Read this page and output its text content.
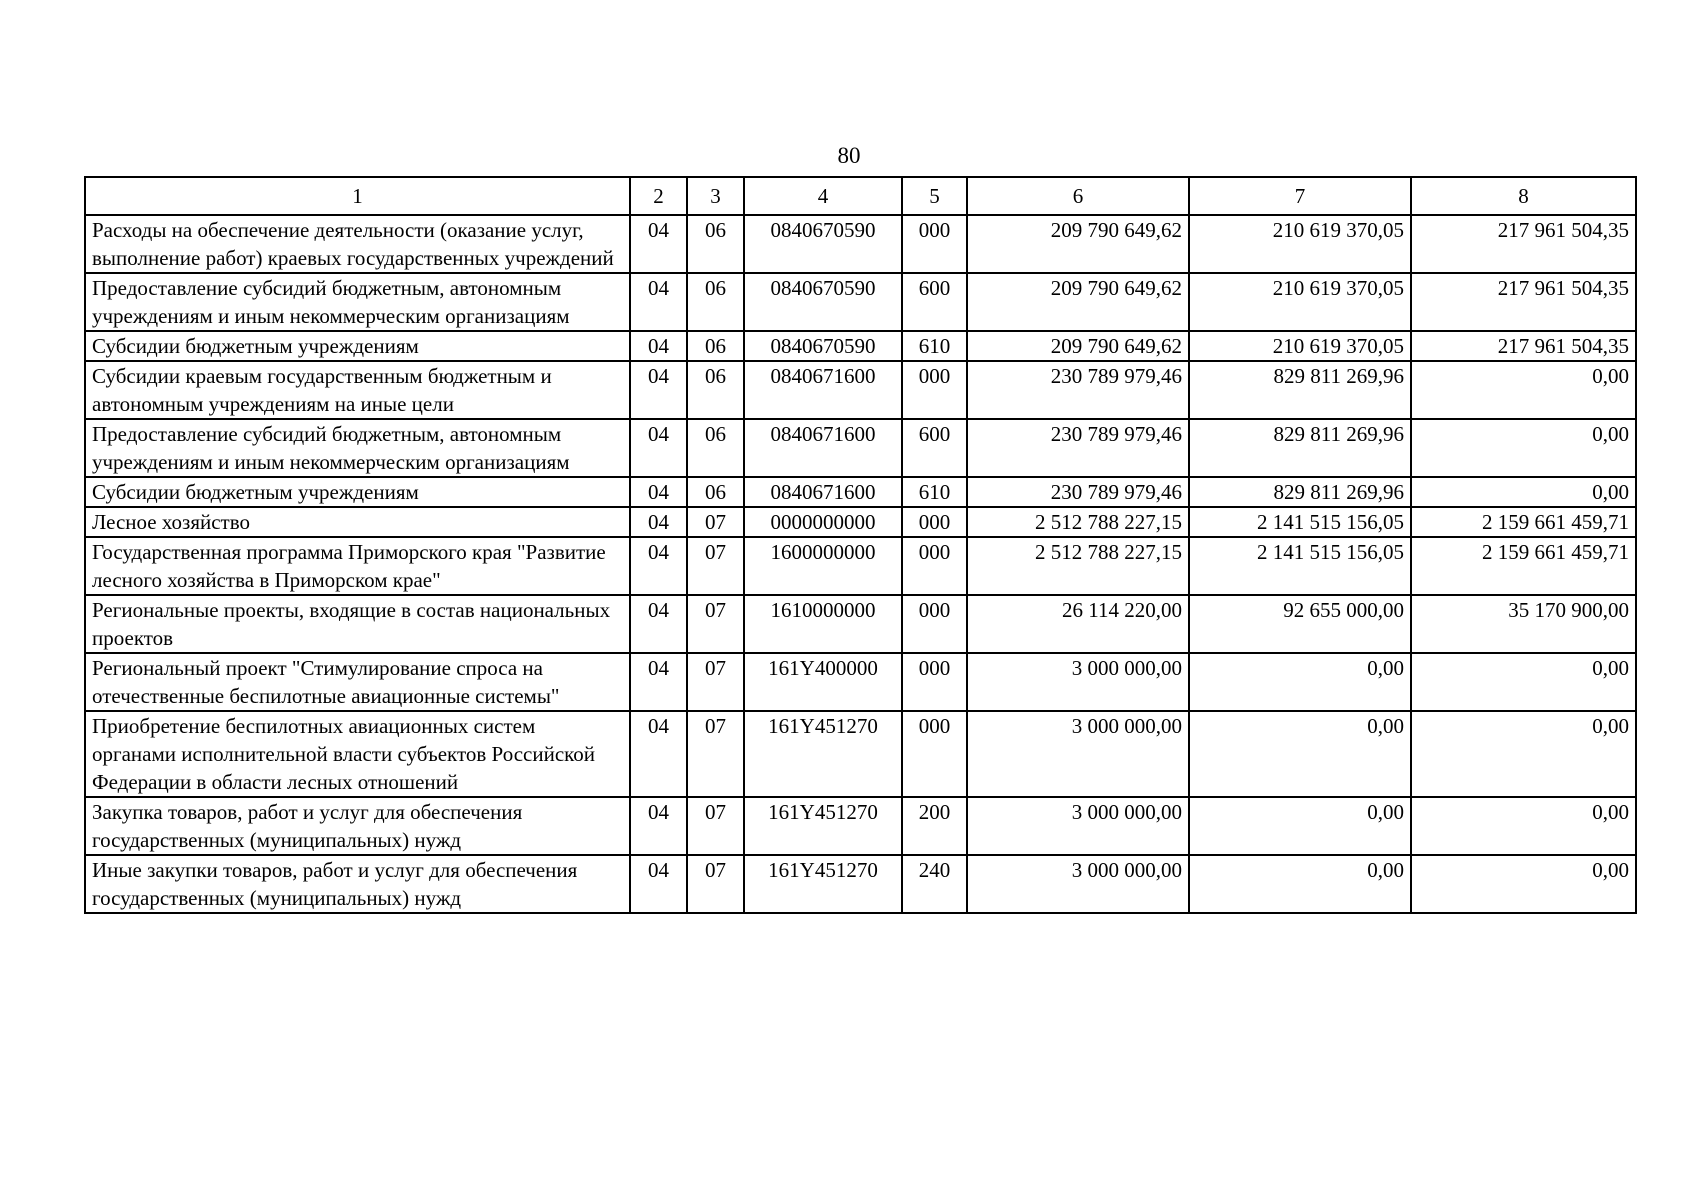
80
1	2	3	4	5	6	7	8
Расходы на обеспечение деятельности (оказание услуг, выполнение работ) краевых государственных учреждений	04	06	0840670590	000	209 790 649,62	210 619 370,05	217 961 504,35
Предоставление субсидий бюджетным, автономным учреждениям и иным некоммерческим организациям	04	06	0840670590	600	209 790 649,62	210 619 370,05	217 961 504,35
Субсидии бюджетным учреждениям	04	06	0840670590	610	209 790 649,62	210 619 370,05	217 961 504,35
Субсидии краевым государственным бюджетным и автономным учреждениям на иные цели	04	06	0840671600	000	230 789 979,46	829 811 269,96	0,00
Предоставление субсидий бюджетным, автономным учреждениям и иным некоммерческим организациям	04	06	0840671600	600	230 789 979,46	829 811 269,96	0,00
Субсидии бюджетным учреждениям	04	06	0840671600	610	230 789 979,46	829 811 269,96	0,00
Лесное хозяйство	04	07	0000000000	000	2 512 788 227,15	2 141 515 156,05	2 159 661 459,71
Государственная программа Приморского края "Развитие лесного хозяйства в Приморском крае"	04	07	1600000000	000	2 512 788 227,15	2 141 515 156,05	2 159 661 459,71
Региональные проекты, входящие в состав национальных проектов	04	07	1610000000	000	26 114 220,00	92 655 000,00	35 170 900,00
Региональный проект "Стимулирование спроса на отечественные беспилотные авиационные системы"	04	07	161Y400000	000	3 000 000,00	0,00	0,00
Приобретение беспилотных авиационных систем органами исполнительной власти субъектов Российской Федерации в области лесных отношений	04	07	161Y451270	000	3 000 000,00	0,00	0,00
Закупка товаров, работ и услуг для обеспечения государственных (муниципальных) нужд	04	07	161Y451270	200	3 000 000,00	0,00	0,00
Иные закупки товаров, работ и услуг для обеспечения государственных (муниципальных) нужд	04	07	161Y451270	240	3 000 000,00	0,00	0,00
